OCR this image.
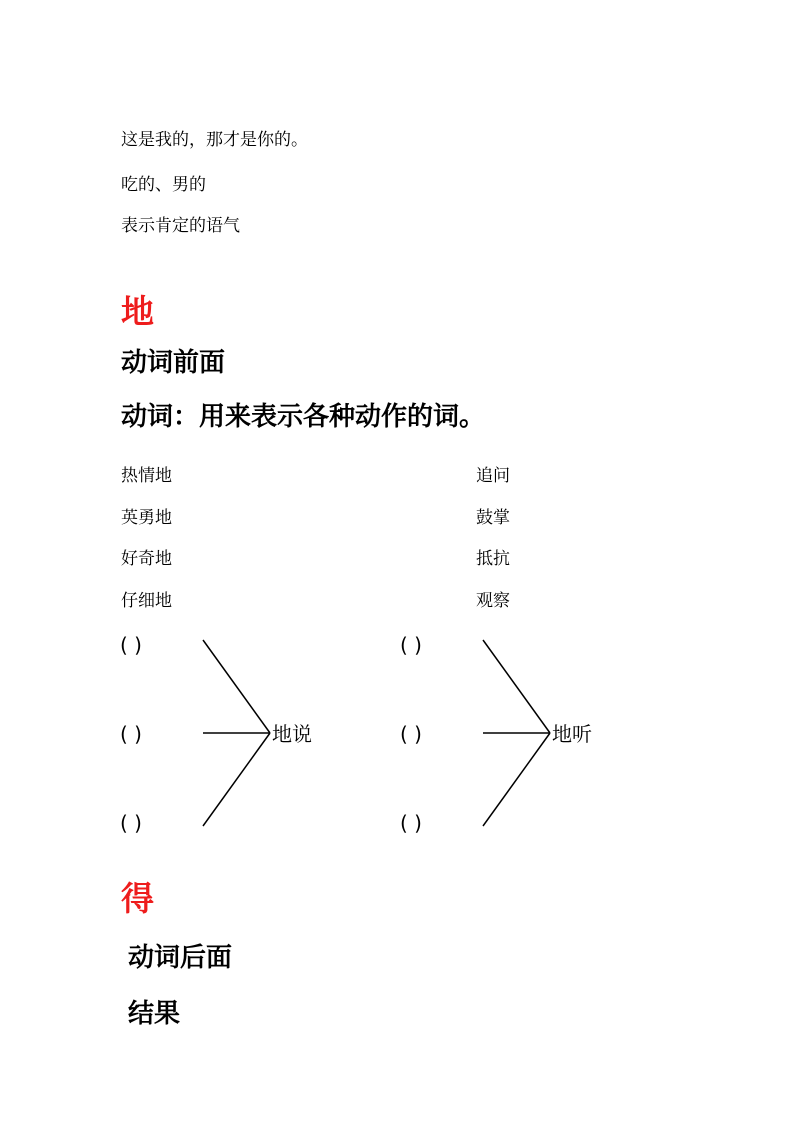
这是我的，那才是你的。
吃的、男的
表示肯定的语气
地
动词前面
动词：用来表示各种动作的词。
热情地
英勇地
好奇地
仔细地
追问
鼓掌
抵抗
观察
( )
( )
( )
地说
( )
( )
( )
地听
得
动词后面
结果
